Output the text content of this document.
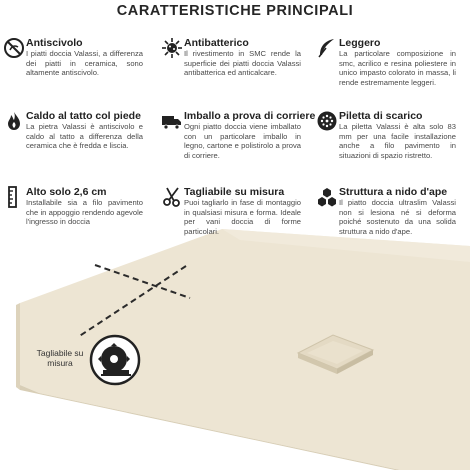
CARATTERISTICHE PRINCIPALI
Antiscivolo
I piatti doccia Valassi, a differenza dei piatti in ceramica, sono altamente antiscivolo.
Antibatterico
Il rivestimento in SMC rende la superficie dei piatti doccia Valassi antibatterica ed anticalcare.
Leggero
La particolare composizione in smc, acrilico e resina poliestere in unico impasto colorato in massa, li rende estremamente leggeri.
Caldo al tatto col piede
La pietra Valassi è antiscivolo e caldo al tatto a differenza della ceramica che è fredda e liscia.
Imballo a prova di corriere
Ogni piatto doccia viene imballato con un particolare imballo in legno, cartone e polistirolo a prova di corriere.
Piletta di scarico
La piletta Valassi è alta solo 83 mm per una facile installazione anche a filo pavimento in situazioni di spazio ristretto.
Alto solo 2,6 cm
Installabile sia a filo pavimento che in appoggio rendendo agevole l'ingresso in doccia
Tagliabile su misura
Puoi tagliarlo in fase di montaggio in qualsiasi misura e forma. Ideale per vani doccia di forme particolari.
Struttura a nido d'ape
Il piatto doccia ultraslim Valassi non si lesiona né si deforma poiché sostenuto da una solida struttura a nido d'ape.
Tagliabile su misura
